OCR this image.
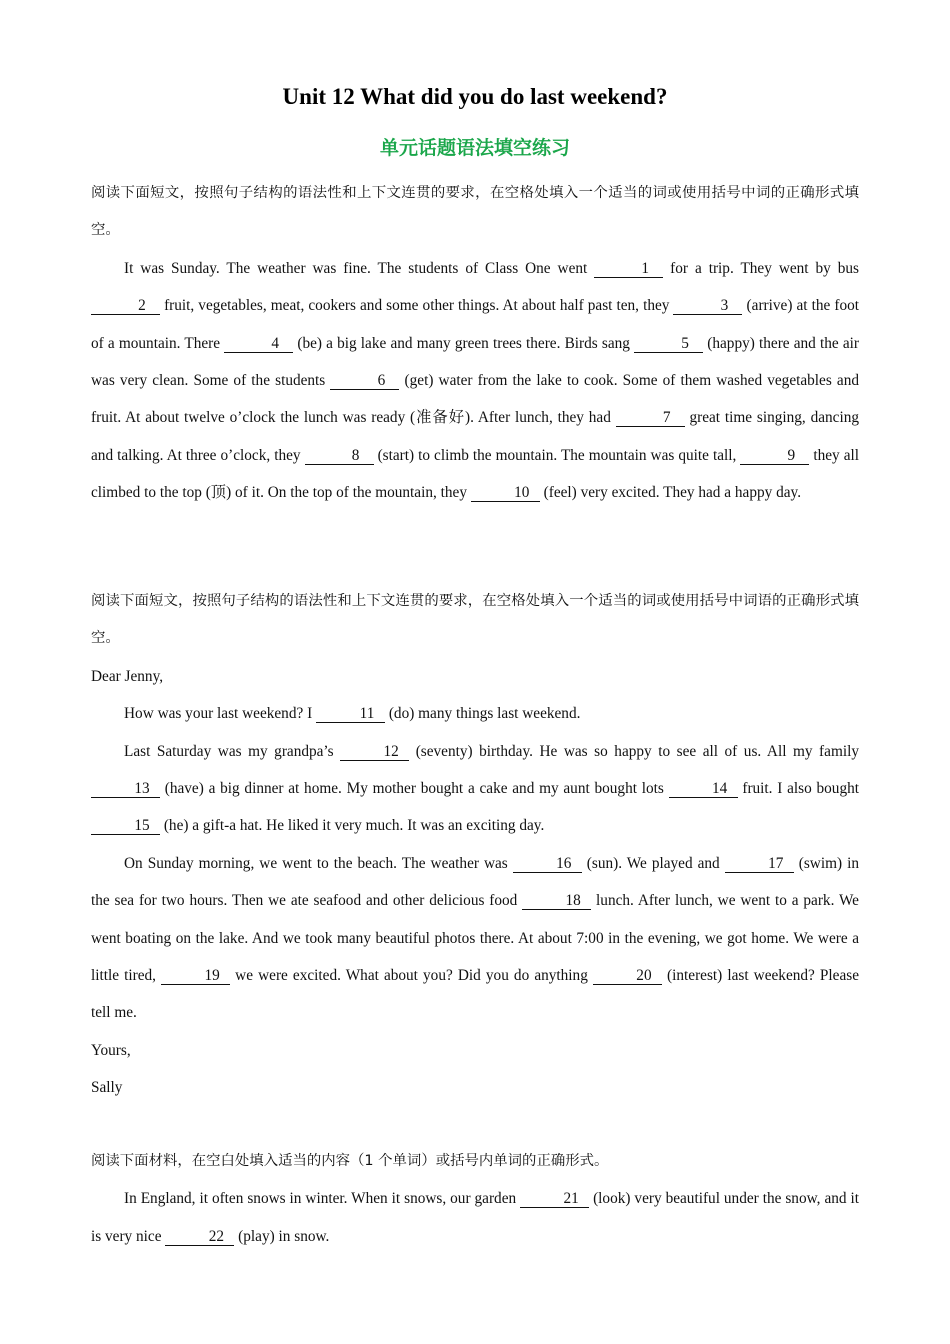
Unit 12 What did you do last weekend?
单元话题语法填空练习

阅读下面短文，按照句子结构的语法性和上下文连贯的要求，在空格处填入一个适当的词或使用括号中词的正确形式填空。

It was Sunday. The weather was fine. The students of Class One went	1 for a trip. They went by bus 2 fruit, vegetables, meat, cookers and some other things. At about half past ten, they	3 (arrive) at the foot of a mountain. There	4 (be) a big lake and many green trees there. Birds sang	5 (happy) there and the air was very clean. Some of the students	6 (get) water from the lake to cook. Some of them washed vegetables and fruit. At about twelve o’clock the lunch was ready (准备好). After lunch, they had	7 great time singing, dancing and talking. At three o’clock, they	8 (start) to climb the mountain. The mountain was quite tall,	9 they all climbed to the top (顶) of it. On the top of the mountain, they	10 (feel) very excited. They had a happy day.

阅读下面短文，按照句子结构的语法性和上下文连贯的要求，在空格处填入一个适当的词或使用括号中词语的正确形式填空。

Dear Jenny,

How was your last weekend? I	11 (do) many things last weekend.

Last Saturday was my grandpa’s	12 (seventy) birthday. He was so happy to see all of us. All my family 13 (have) a big dinner at home. My mother bought a cake and my aunt bought lots	14 fruit. I also bought 15 (he) a gift-a hat. He liked it very much. It was an exciting day.

On Sunday morning, we went to the beach. The weather was	16 (sun). We played and	17 (swim) in the sea for two hours. Then we ate seafood and other delicious food	18 lunch. After lunch, we went to a park. We went boating on the lake. And we took many beautiful photos there. At about 7:00 in the evening, we got home. We were a little tired,	19 we were excited. What about you? Did you do anything	20 (interest) last weekend? Please tell me.

Yours,

Sally

阅读下面材料，在空白处填入适当的内容（1 个单词）或括号内单词的正确形式。

In England, it often snows in winter. When it snows, our garden	21 (look) very beautiful under the snow, and it is very nice	22 (play) in snow.
